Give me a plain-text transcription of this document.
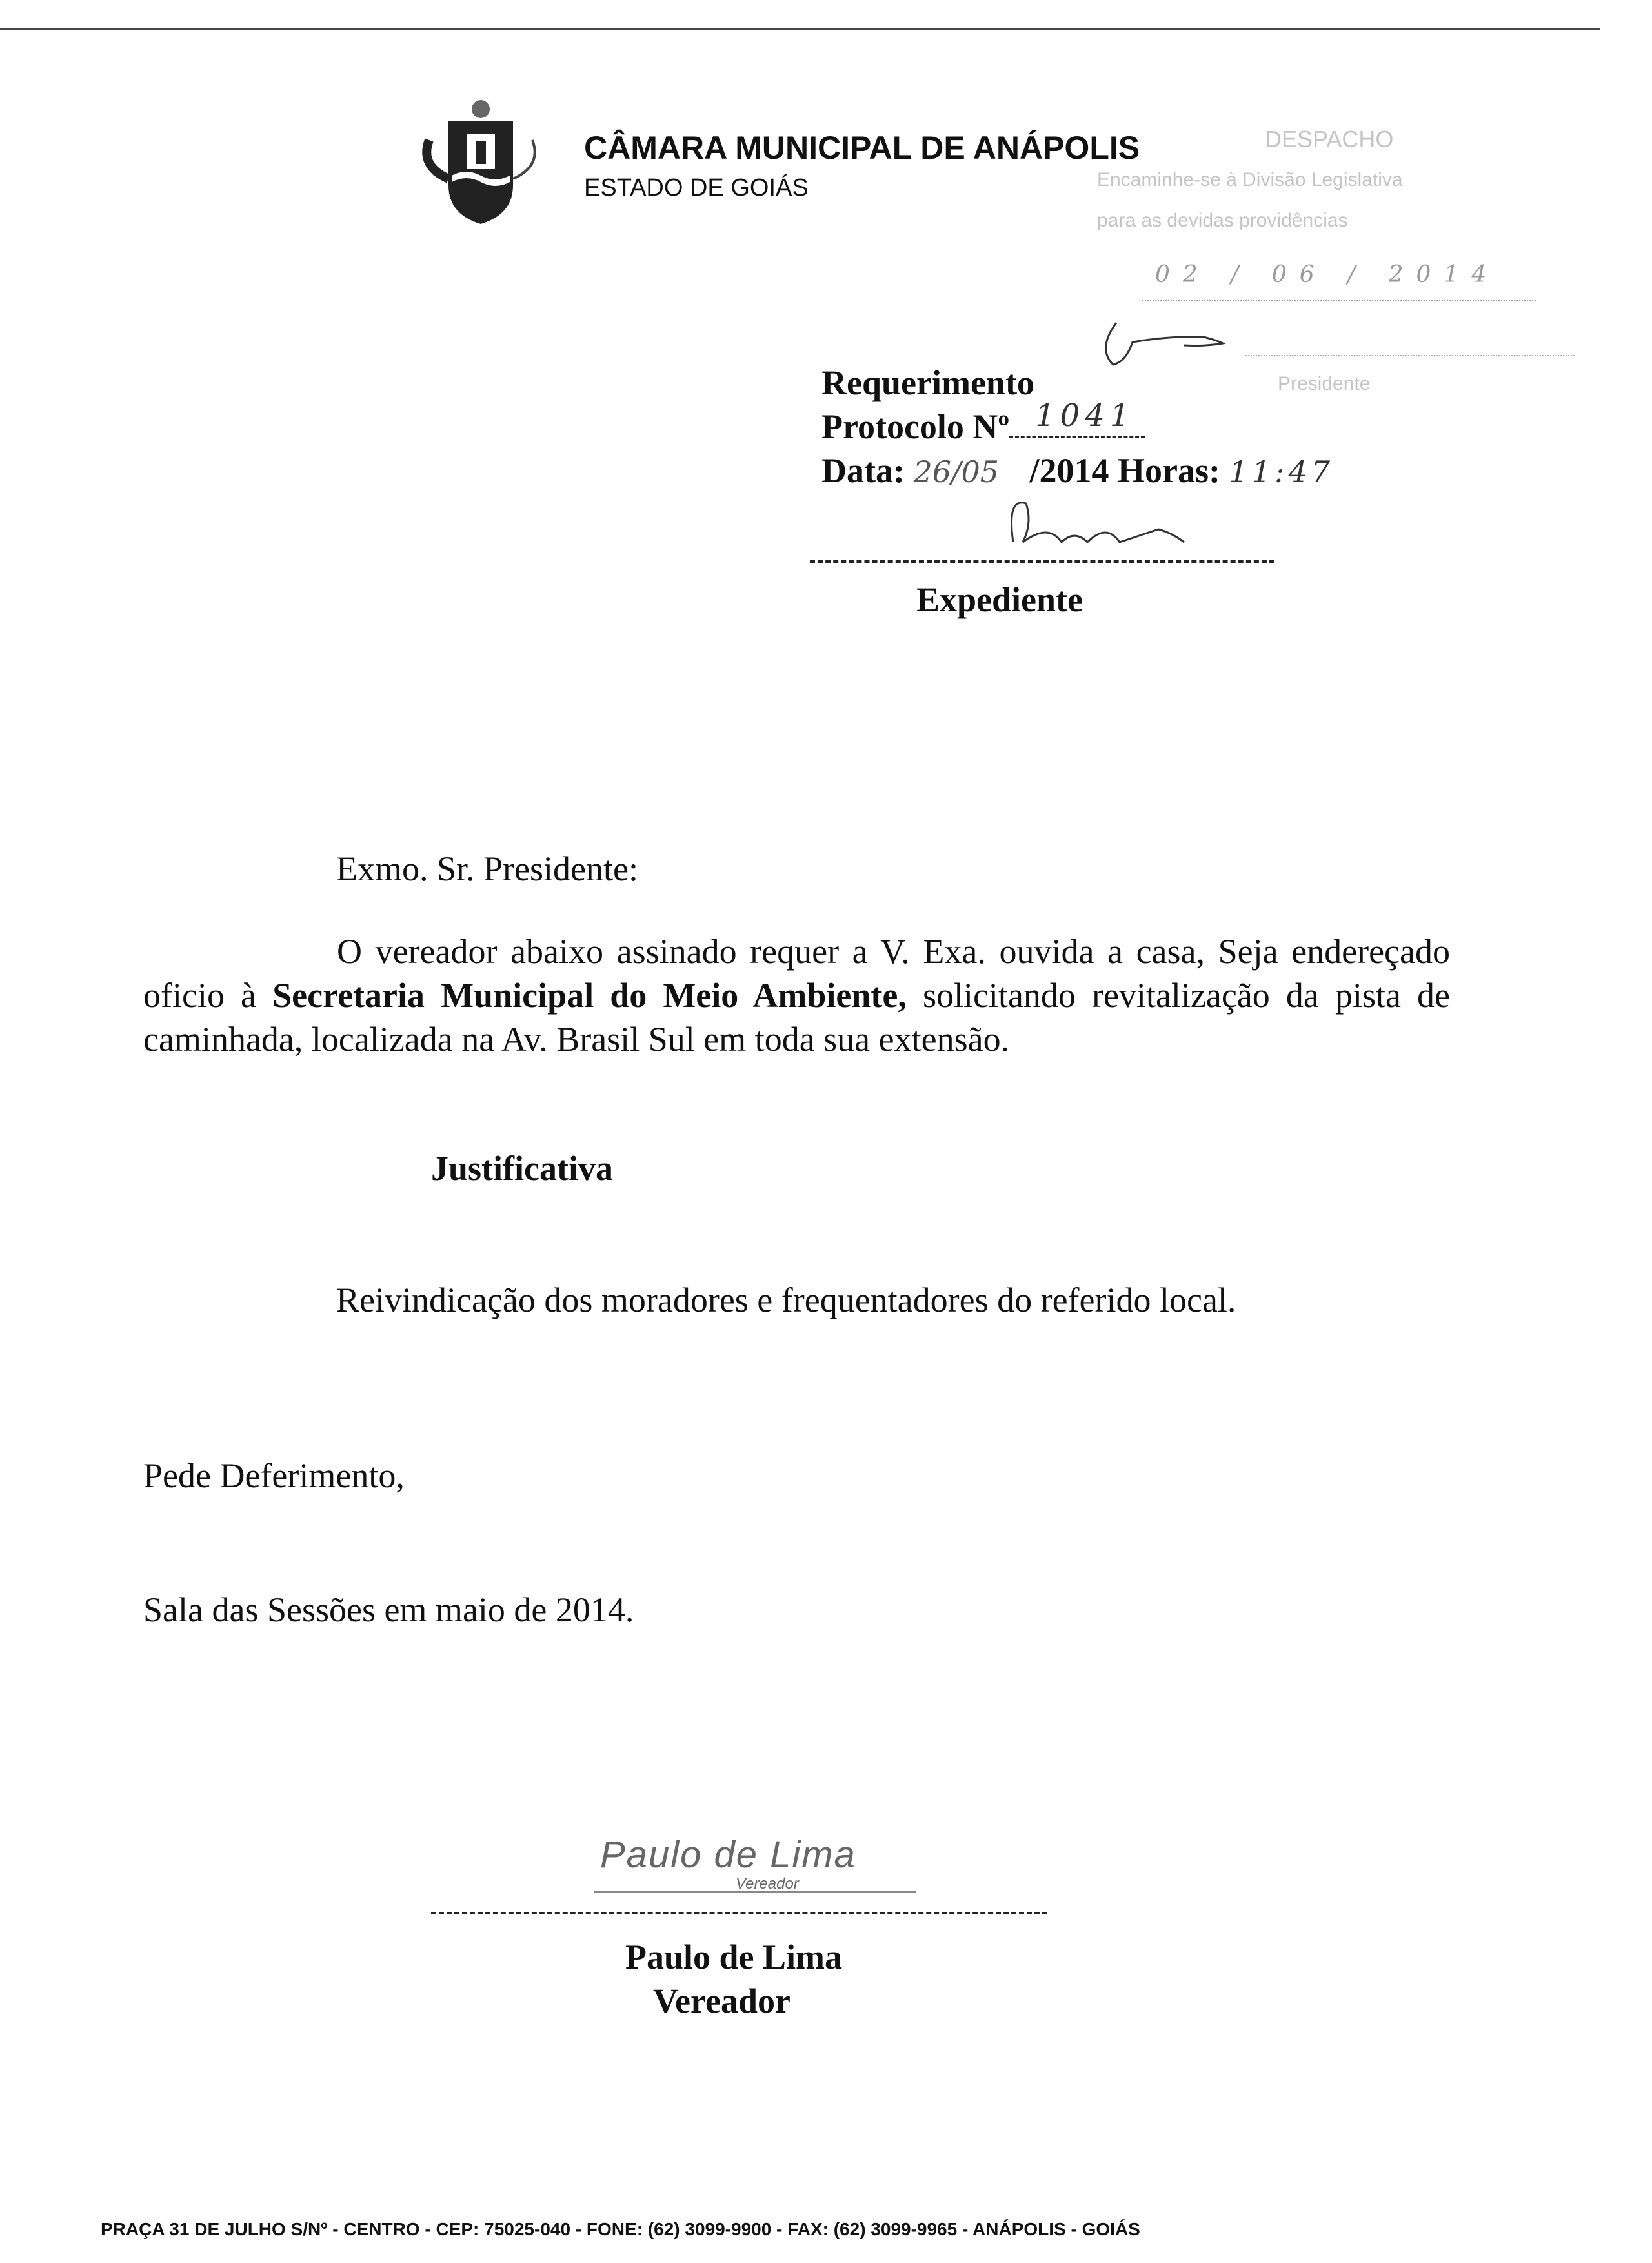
CÂMARA MUNICIPAL DE ANÁPOLIS
ESTADO DE GOIÁS
DESPACHO
Encaminhe-se à Divisão Legislativa
para as devidas providências
02 / 06 / 2014
Presidente
Requerimento
Protocolo Nº 1041
Data: 26/05 /2014 Horas: 11:47
Expediente
Exmo. Sr. Presidente:
O vereador abaixo assinado requer a V. Exa. ouvida a casa, Seja endereçado oficio à Secretaria Municipal do Meio Ambiente, solicitando revitalização da pista de caminhada, localizada na Av. Brasil Sul em toda sua extensão.
Justificativa
Reivindicação dos moradores e frequentadores do referido local.
Pede Deferimento,
Sala das Sessões em maio de 2014.
Paulo de Lima
Vereador
Paulo de Lima
Vereador
PRAÇA 31 DE JULHO S/Nº - CENTRO - CEP: 75025-040 - FONE: (62) 3099-9900 - FAX: (62) 3099-9965 - ANÁPOLIS - GOIÁS
